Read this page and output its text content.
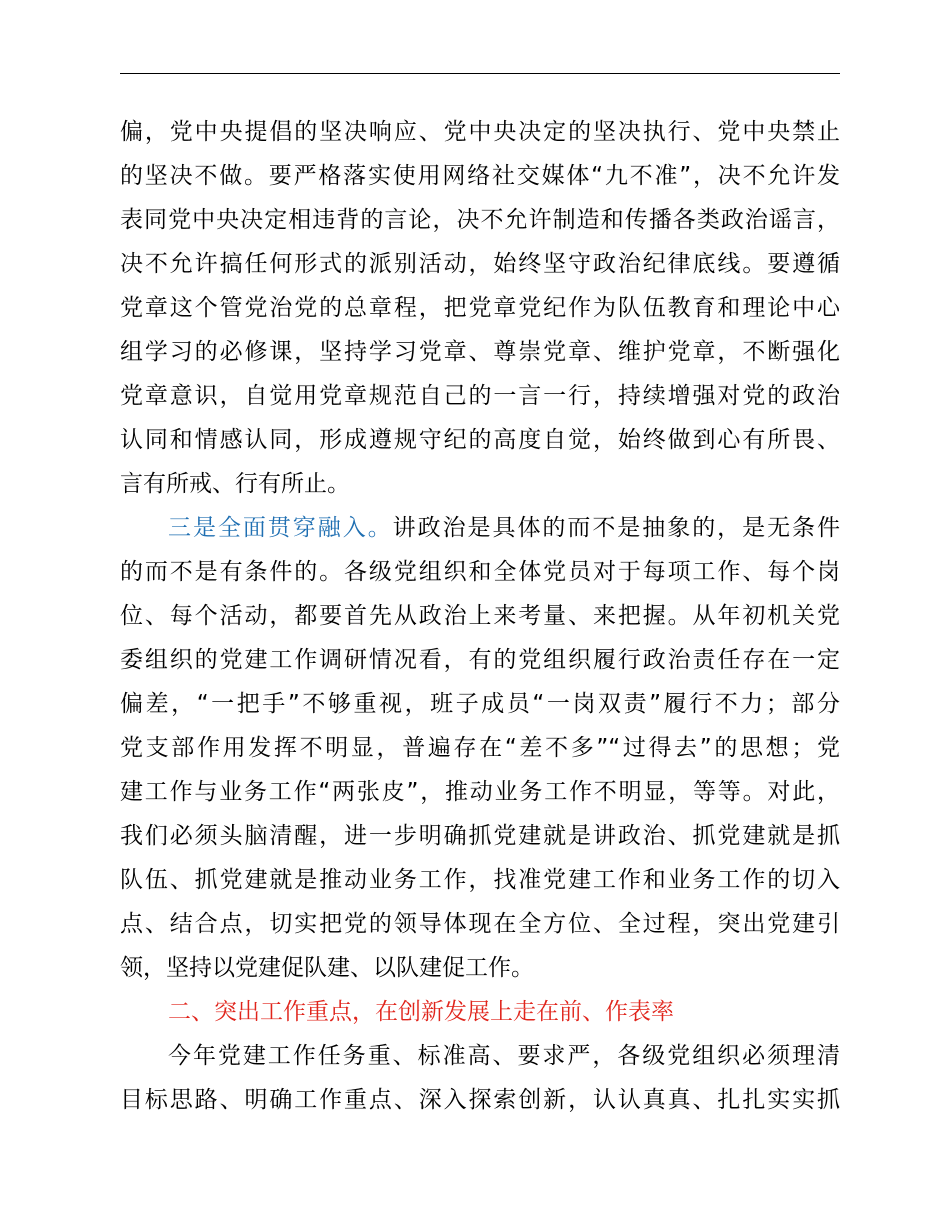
偏，党中央提倡的坚决响应、党中央决定的坚决执行、党中央禁止
的坚决不做。要严格落实使用网络社交媒体“九不准”，决不允许发
表同党中央决定相违背的言论，决不允许制造和传播各类政治谣言，
决不允许搞任何形式的派别活动，始终坚守政治纪律底线。要遵循
党章这个管党治党的总章程，把党章党纪作为队伍教育和理论中心
组学习的必修课，坚持学习党章、尊崇党章、维护党章，不断强化
党章意识，自觉用党章规范自己的一言一行，持续增强对党的政治
认同和情感认同，形成遵规守纪的高度自觉，始终做到心有所畏、
言有所戒、行有所止。
三是全面贯穿融入。讲政治是具体的而不是抽象的，是无条件
的而不是有条件的。各级党组织和全体党员对于每项工作、每个岗
位、每个活动，都要首先从政治上来考量、来把握。从年初机关党
委组织的党建工作调研情况看，有的党组织履行政治责任存在一定
偏差，“一把手”不够重视，班子成员“一岗双责”履行不力；部分
党支部作用发挥不明显，普遍存在“差不多”“过得去”的思想；党
建工作与业务工作“两张皮”，推动业务工作不明显，等等。对此，
我们必须头脑清醒，进一步明确抓党建就是讲政治、抓党建就是抓
队伍、抓党建就是推动业务工作，找准党建工作和业务工作的切入
点、结合点，切实把党的领导体现在全方位、全过程，突出党建引
领，坚持以党建促队建、以队建促工作。
二、突出工作重点，在创新发展上走在前、作表率
今年党建工作任务重、标准高、要求严，各级党组织必须理清
目标思路、明确工作重点、深入探索创新，认认真真、扎扎实实抓
